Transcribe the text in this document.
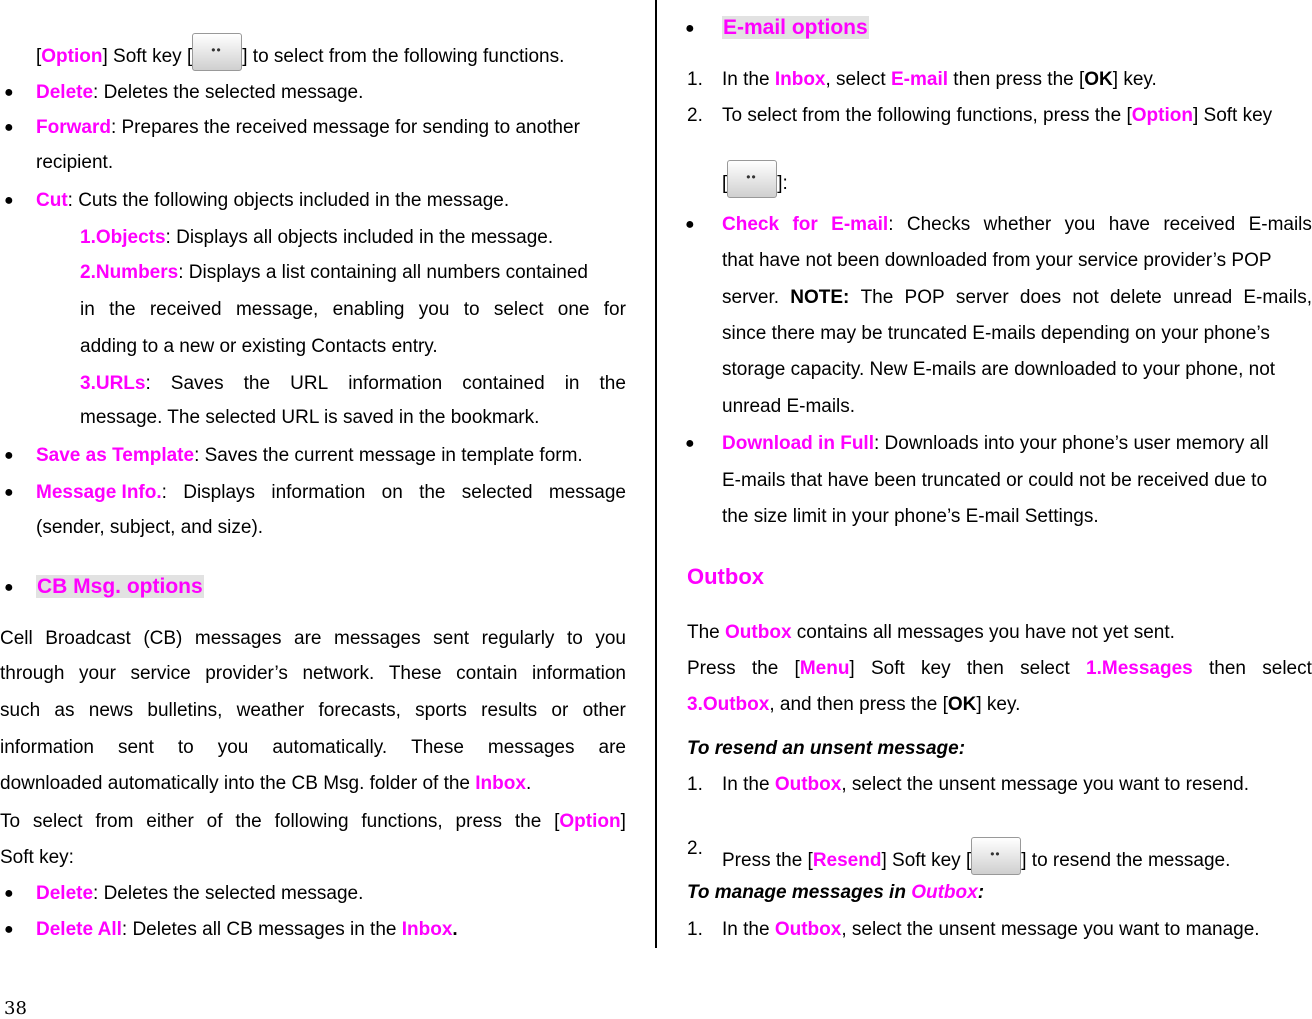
[Option] Soft key [ ••	] to select from the following functions.
● Delete: Deletes the selected message.
● Forward: Prepares the received message for sending to another
recipient.
● Cut: Cuts the following objects included in the message.
1.Objects: Displays all objects included in the message.
2.Numbers: Displays a list containing all numbers contained
in the received message, enabling you to select one for
adding to a new or existing Contacts entry.
3.URLs: Saves the URL information contained in the
message. The selected URL is saved in the bookmark.
● Save as Template: Saves the current message in template form.
● Message Info.: Displays information on the selected message
(sender, subject, and size).
● CB Msg. options
Cell Broadcast (CB) messages are messages sent regularly to you
through your service provider’s network. These contain information
such as news bulletins, weather forecasts, sports results or other
information sent to you automatically. These messages are
downloaded automatically into the CB Msg. folder of the Inbox.
To select from either of the following functions, press the [Option]
Soft key:
● Delete: Deletes the selected message.
● Delete All: Deletes all CB messages in the Inbox.
● E-mail options
1. In the Inbox, select E-mail then press the [OK] key.
2. To select from the following functions, press the [Option] Soft key
[ ••	]:
● Check for E-mail: Checks whether you have received E-mails
that have not been downloaded from your service provider’s POP
server. NOTE: The POP server does not delete unread E-mails,
since there may be truncated E-mails depending on your phone’s
storage capacity. New E-mails are downloaded to your phone, not
unread E-mails.
● Download in Full: Downloads into your phone’s user memory all
E-mails that have been truncated or could not be received due to
the size limit in your phone’s E-mail Settings.
Outbox
The Outbox contains all messages you have not yet sent.
Press the [Menu] Soft key then select 1.Messages then select
3.Outbox, and then press the [OK] key.
To resend an unsent message:
1. In the Outbox, select the unsent message you want to resend.
2.
Press the [Resend] Soft key [ ••	] to resend the message.
To manage messages in Outbox:
1. In the Outbox, select the unsent message you want to manage.
38
